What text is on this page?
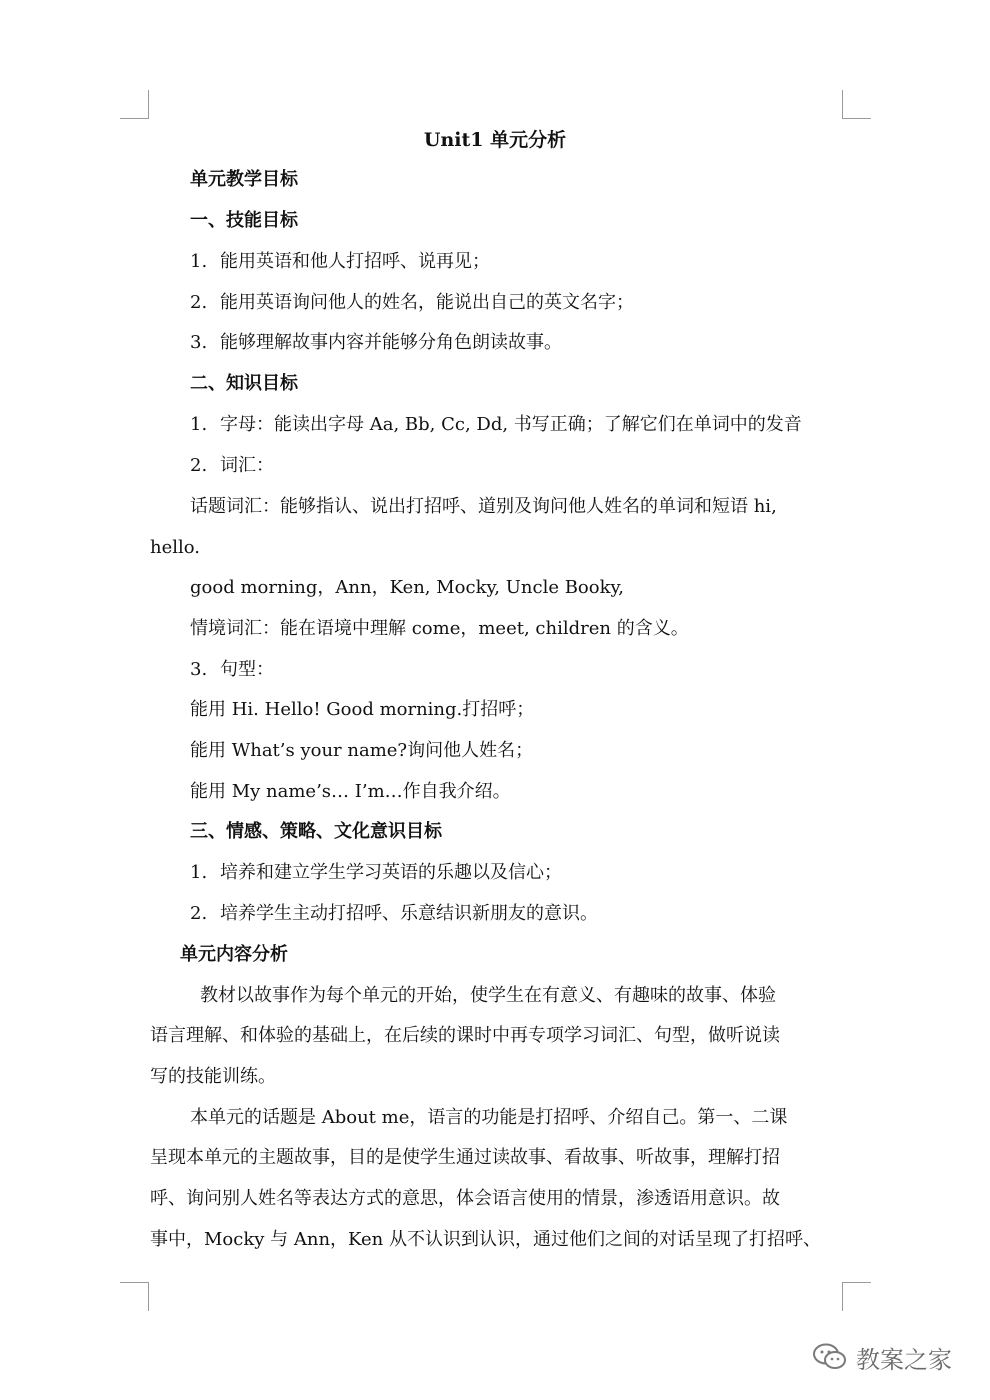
Unit1 单元分析
单元教学目标
一、技能目标
1. 能用英语和他人打招呼、说再见；
2. 能用英语询问他人的姓名，能说出自己的英文名字；
3. 能够理解故事内容并能够分角色朗读故事。
二、知识目标
1. 字母：能读出字母 Aa, Bb, Cc, Dd, 书写正确；了解它们在单词中的发音
2. 词汇：
话题词汇：能够指认、说出打招呼、道别及询问他人姓名的单词和短语 hi,
hello.
good morning，Ann，Ken, Mocky, Uncle Booky,
情境词汇：能在语境中理解 come，meet, children 的含义。
3. 句型：
能用 Hi. Hello! Good morning.打招呼；
能用 What’s your name?询问他人姓名；
能用 My name’s… I’m…作自我介绍。
三、情感、策略、文化意识目标
1. 培养和建立学生学习英语的乐趣以及信心；
2. 培养学生主动打招呼、乐意结识新朋友的意识。
单元内容分析
教材以故事作为每个单元的开始，使学生在有意义、有趣味的故事、体验
语言理解、和体验的基础上，在后续的课时中再专项学习词汇、句型，做听说读
写的技能训练。
本单元的话题是 About me，语言的功能是打招呼、介绍自己。第一、二课
呈现本单元的主题故事，目的是使学生通过读故事、看故事、听故事，理解打招
呼、询问别人姓名等表达方式的意思，体会语言使用的情景，渗透语用意识。故
事中，Mocky 与 Ann，Ken 从不认识到认识，通过他们之间的对话呈现了打招呼、
教案之家
